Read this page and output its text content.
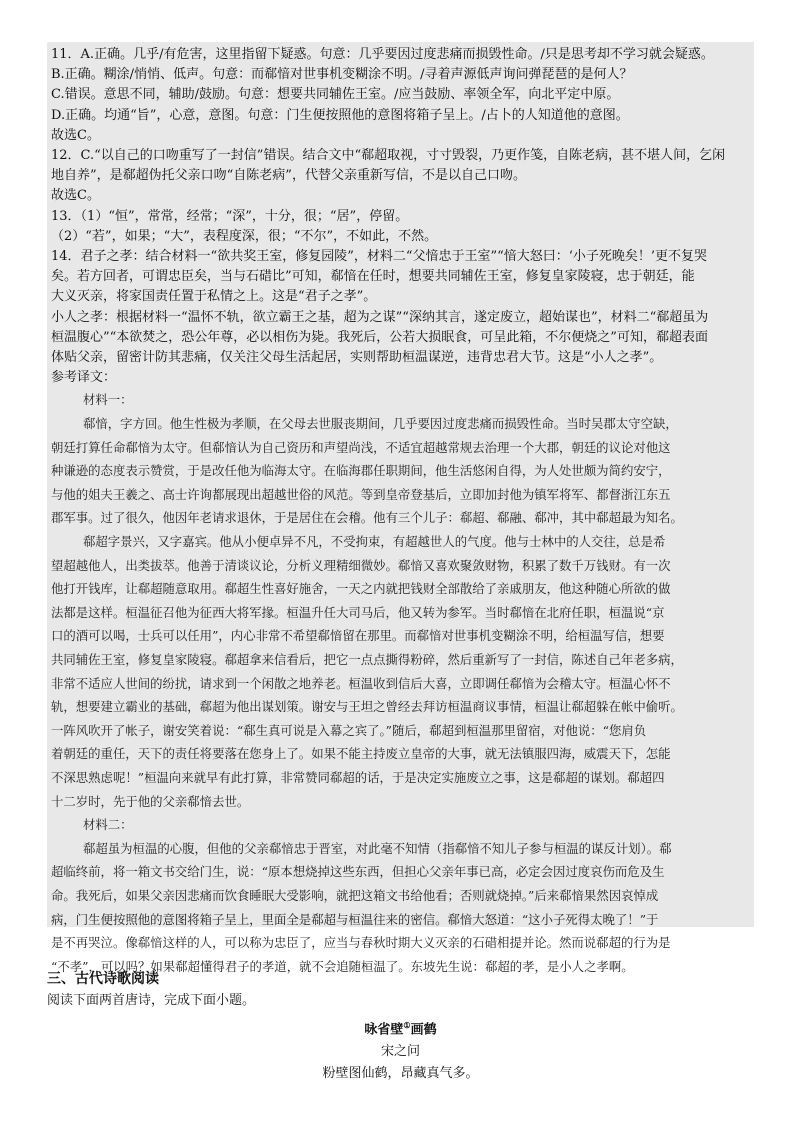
11．A.正确。几乎/有危害，这里指留下疑惑。句意：几乎要因过度悲痛而损毁性命。/只是思考却不学习就会疑惑。
B.正确。糊涂/悄悄、低声。句意：而郗愔对世事机变糊涂不明。/寻着声源低声询问弹琵琶的是何人？
C.错误。意思不同，辅助/鼓励。句意：想要共同辅佐王室。/应当鼓励、率领全军，向北平定中原。
D.正确。均通“旨”，心意，意图。句意：门生便按照他的意图将箱子呈上。/占卜的人知道他的意图。
故选C。
12．C.“以自己的口吻重写了一封信”错误。结合文中“郗超取视，寸寸毁裂，乃更作笺，自陈老病，甚不堪人间，乞闲
地自养”，是郗超伪托父亲口吻“自陈老病”，代替父亲重新写信，不是以自己口吻。
故选C。
13．（1）“恒”，常常，经常；“深”，十分，很；“居”，停留。
（2）“若”，如果；“大”，表程度深，很；“不尔”，不如此，不然。
14．君子之孝：结合材料一“欲共奖王室，修复园陵”，材料二“父愔忠于王室”“愔大怒曰：‘小子死晚矣！’更不复哭
矣。若方回者，可谓忠臣矣，当与石碏比”可知，郗愔在任时，想要共同辅佐王室，修复皇家陵寝，忠于朝廷，能
大义灭亲，将家国责任置于私情之上。这是“君子之孝”。
小人之孝：根据材料一“温怀不轨，欲立霸王之基，超为之谋”“深纳其言，遂定废立，超始谋也”，材料二“郗超虽为
桓温腹心”“本欲焚之，恐公年尊，必以相伤为毙。我死后，公若大损眠食，可呈此箱，不尔便烧之”可知，郗超表面
体贴父亲，留密计防其悲痛，仅关注父母生活起居，实则帮助桓温谋逆，违背忠君大节。这是“小人之孝”。
参考译文：
材料一：
郗愔，字方回。他生性极为孝顺，在父母去世服丧期间，几乎要因过度悲痛而损毁性命。当时吴郡太守空缺，
朝廷打算任命郗愔为太守。但郗愔认为自己资历和声望尚浅，不适宜超越常规去治理一个大郡，朝廷的议论对他这
种谦逊的态度表示赞赏，于是改任他为临海太守。在临海郡任职期间，他生活悠闲自得，为人处世颇为简约安宁，
与他的姐夫王羲之、高士许询都展现出超越世俗的风范。等到皇帝登基后，立即加封他为镇军将军、都督浙江东五
郡军事。过了很久，他因年老请求退休，于是居住在会稽。他有三个儿子：郗超、郗融、郗冲，其中郗超最为知名。
郗超字景兴，又字嘉宾。他从小便卓异不凡，不受拘束，有超越世人的气度。他与士林中的人交往，总是希
望超越他人，出类拔萃。他善于清谈议论，分析义理精细微妙。郗愔又喜欢聚敛财物，积累了数千万钱财。有一次
他打开钱库，让郗超随意取用。郗超生性喜好施舍，一天之内就把钱财全部散给了亲戚朋友，他这种随心所欲的做
法都是这样。桓温征召他为征西大将军掾。桓温升任大司马后，他又转为参军。当时郗愔在北府任职，桓温说“京
口的酒可以喝，士兵可以任用”，内心非常不希望郗愔留在那里。而郗愔对世事机变糊涂不明，给桓温写信，想要
共同辅佐王室，修复皇家陵寝。郗超拿来信看后，把它一点点撕得粉碎，然后重新写了一封信，陈述自己年老多病，
非常不适应人世间的纷扰，请求到一个闲散之地养老。桓温收到信后大喜，立即调任郗愔为会稽太守。桓温心怀不
轨，想要建立霸业的基础，郗超为他出谋划策。谢安与王坦之曾经去拜访桓温商议事情，桓温让郗超躲在帐中偷听。
一阵风吹开了帐子，谢安笑着说：“郗生真可说是入幕之宾了。”随后，郗超到桓温那里留宿，对他说：“您肩负
着朝廷的重任，天下的责任将要落在您身上了。如果不能主持废立皇帝的大事，就无法镇服四海，威震天下，怎能
不深思熟虑呢！”桓温向来就早有此打算，非常赞同郗超的话，于是决定实施废立之事，这是郗超的谋划。郗超四
十二岁时，先于他的父亲郗愔去世。
材料二：
郗超虽为桓温的心腹，但他的父亲郗愔忠于晋室，对此毫不知情（指郗愔不知儿子参与桓温的谋反计划）。郗
超临终前，将一箱文书交给门生，说：“原本想烧掉这些东西，但担心父亲年事已高，必定会因过度哀伤而危及生
命。我死后，如果父亲因悲痛而饮食睡眠大受影响，就把这箱文书给他看；否则就烧掉。”后来郗愔果然因哀悼成
病，门生便按照他的意图将箱子呈上，里面全是郗超与桓温往来的密信。郗愔大怒道：“这小子死得太晚了！”于
是不再哭泣。像郗愔这样的人，可以称为忠臣了，应当与春秋时期大义灭亲的石碏相提并论。然而说郗超的行为是
“不孝”，可以吗？如果郗超懂得君子的孝道，就不会追随桓温了。东坡先生说：郗超的孝，是小人之孝啊。
三、古代诗歌阅读
阅读下面两首唐诗，完成下面小题。
咏省壁①画鹤
宋之问
粉壁图仙鹤，昂藏真气多。
